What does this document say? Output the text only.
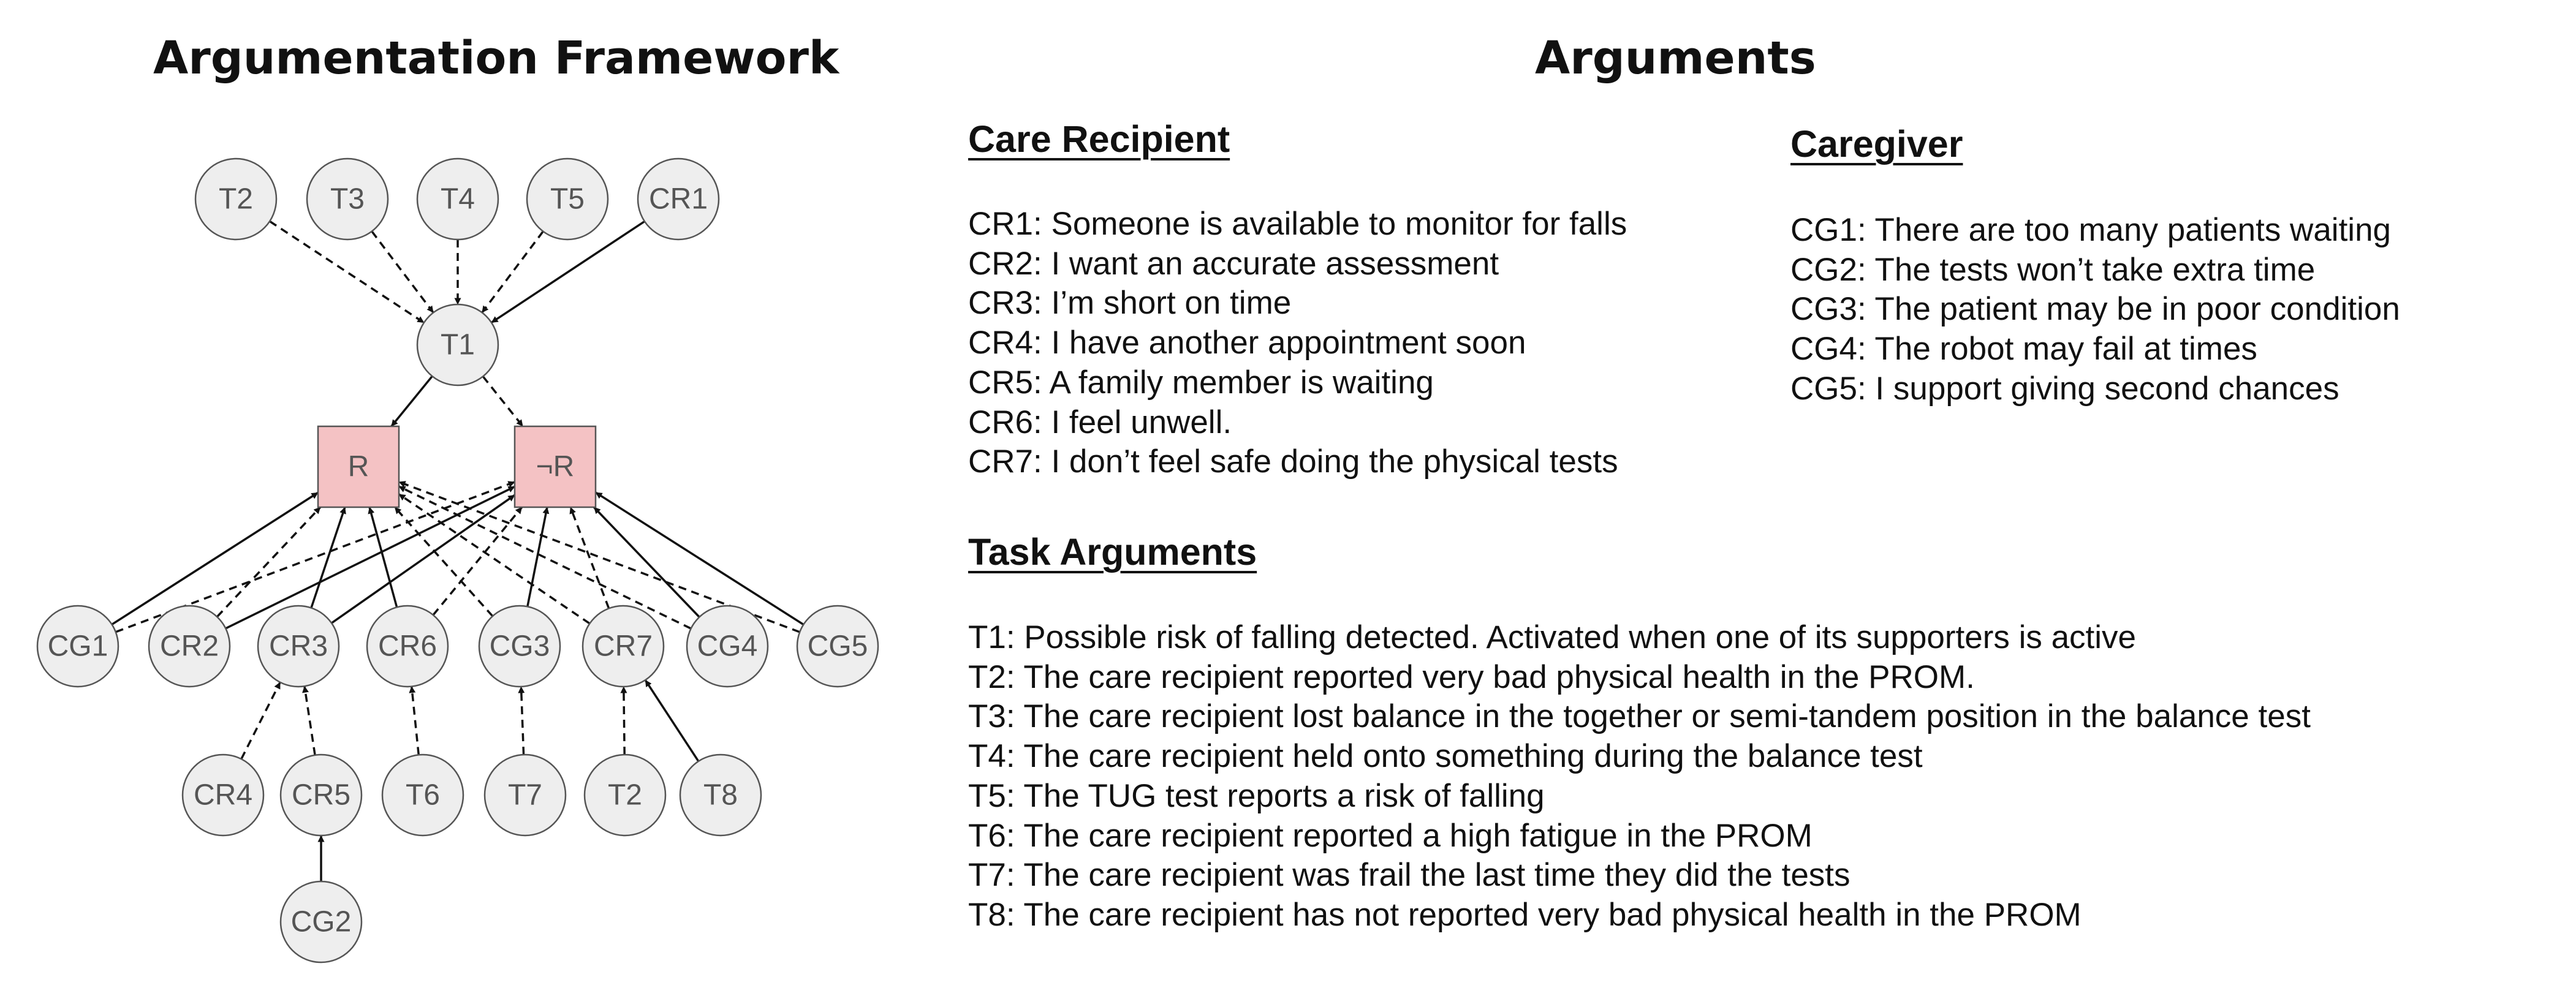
Argumentation Framework
T2	T3	T4	T5 CR1
T1
R	¬R
CG1 CR2 CR3 CR6 CG3 CR7 CG4 CG5
CR4 CR5 T6 T7 T2 T8
CG2
Arguments
Care Recipient
CR1: Someone is available to monitor for falls
CR2: I want an accurate assessment
CR3: I’m short on time
CR4: I have another appointment soon
CR5: A family member is waiting
CR6: I feel unwell.
CR7: I don’t feel safe doing the physical tests
Caregiver
CG1: There are too many patients waiting
CG2: The tests won’t take extra time
CG3: The patient may be in poor condition
CG4: The robot may fail at times
CG5: I support giving second chances
Task Arguments
T1: Possible risk of falling detected. Activated when one of its supporters is active
T2: The care recipient reported very bad physical health in the PROM.
T3: The care recipient lost balance in the together or semi-tandem position in the balance test
T4: The care recipient held onto something during the balance test
T5: The TUG test reports a risk of falling
T6: The care recipient reported a high fatigue in the PROM
T7: The care recipient was frail the last time they did the tests
T8: The care recipient has not reported very bad physical health in the PROM
